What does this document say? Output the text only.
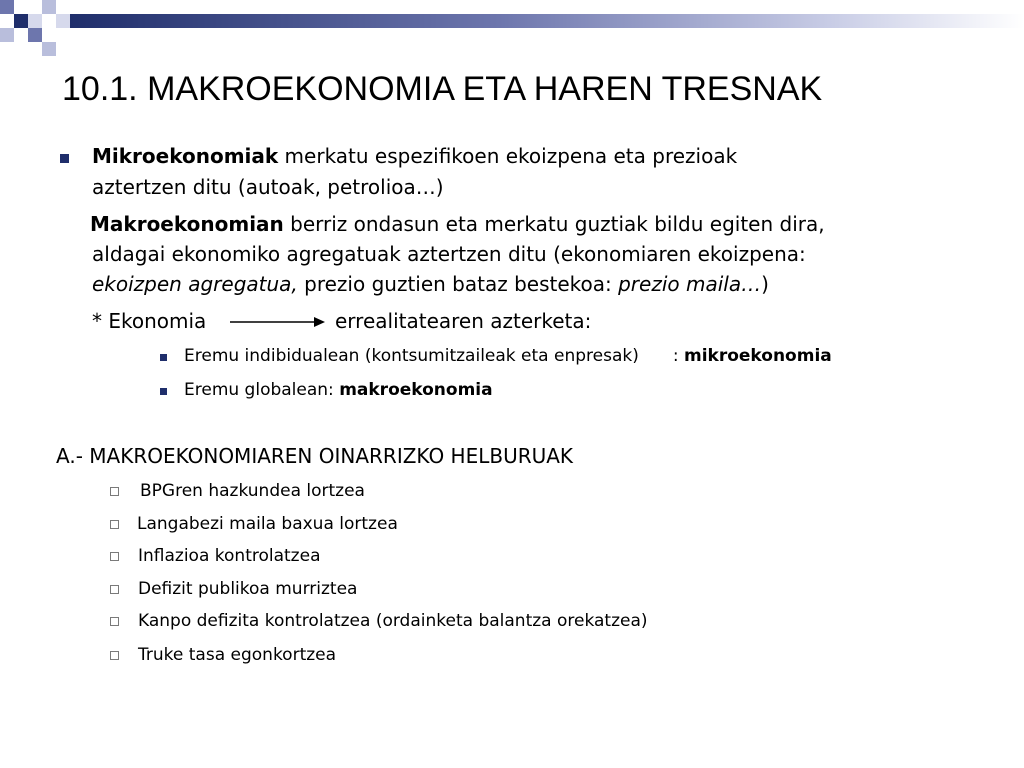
10.1. MAKROEKONOMIA ETA HAREN TRESNAK
Mikroekonomiak merkatu espezifikoen ekoizpena eta prezioak
aztertzen ditu (autoak, petrolioa…)
Makroekonomian berriz ondasun eta merkatu guztiak bildu egiten dira,
aldagai ekonomiko agregatuak aztertzen ditu (ekonomiaren ekoizpena:
ekoizpen agregatua, prezio guztien bataz bestekoa: prezio maila…)
* Ekonomia	errealitatearen azterketa:
Eremu indibidualean (kontsumitzaileak eta enpresak) : mikroekonomia
Eremu globalean: makroekonomia
A.- MAKROEKONOMIAREN OINARRIZKO HELBURUAK
BPGren hazkundea lortzea
Langabezi maila baxua lortzea
Inflazioa kontrolatzea
Defizit publikoa murriztea
Kanpo defizita kontrolatzea (ordainketa balantza orekatzea)
Truke tasa egonkortzea
